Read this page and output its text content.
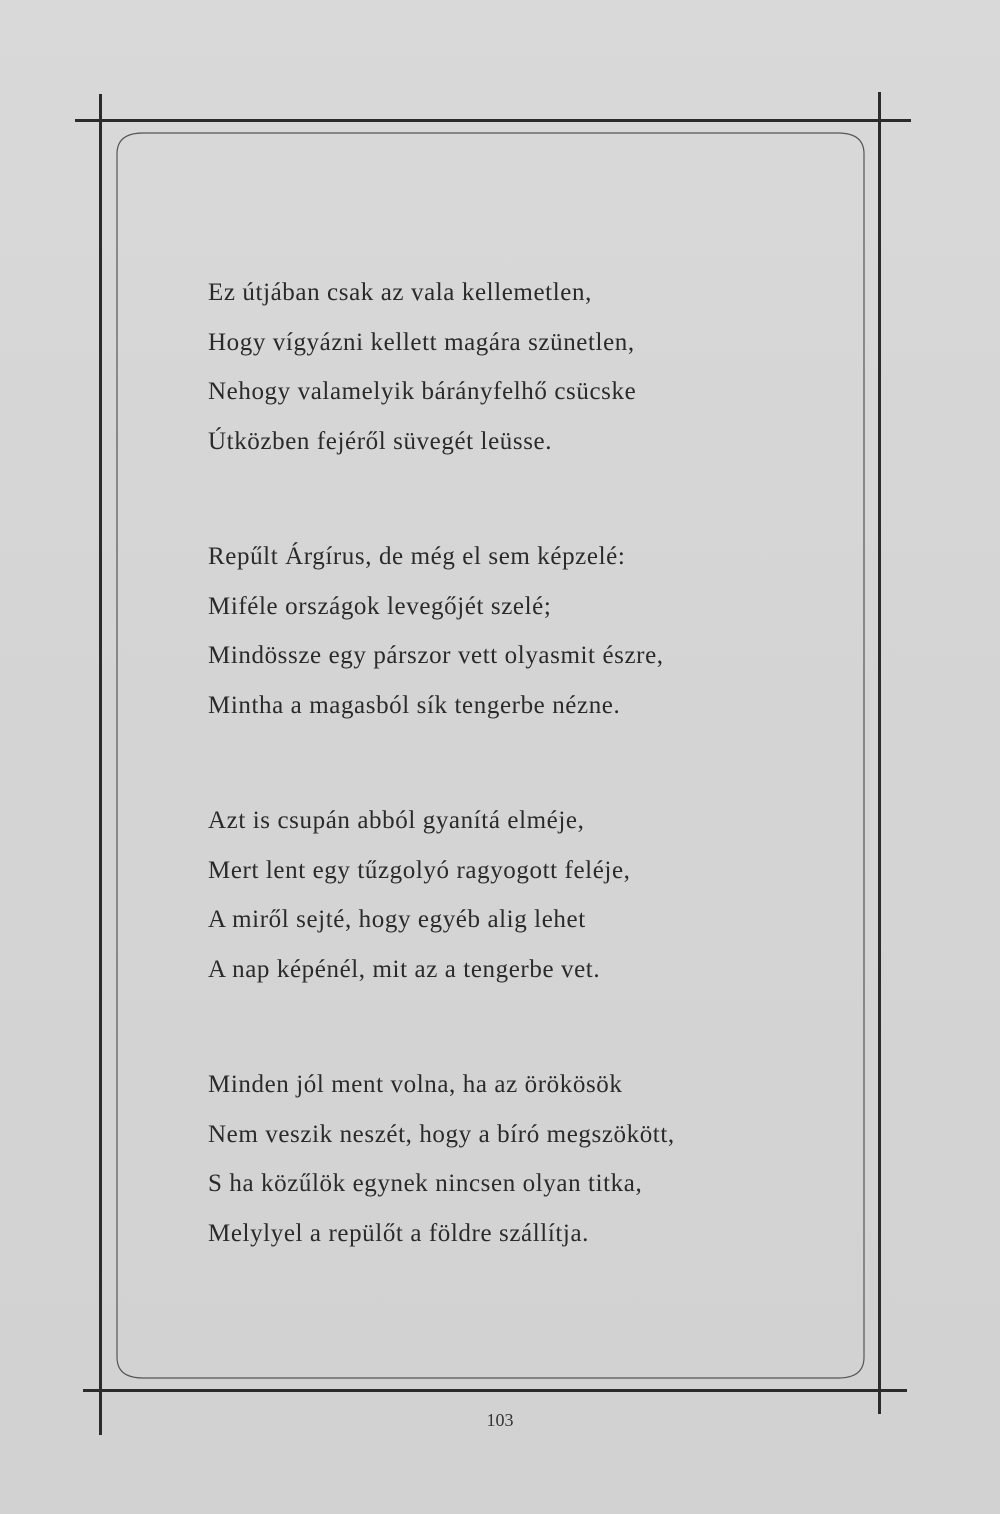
Ez útjában csak az vala kellemetlen,
Hogy vígyázni kellett magára szünetlen,
Nehogy valamelyik bárányfelhő csücske
Útközben fejéről süvegét leüsse.
Repűlt Árgírus, de még el sem képzelé:
Miféle országok levegőjét szelé;
Mindössze egy párszor vett olyasmit észre,
Mintha a magasból sík tengerbe nézne.
Azt is csupán abból gyanítá elméje,
Mert lent egy tűzgolyó ragyogott feléje,
A miről sejté, hogy egyéb alig lehet
A nap képénél, mit az a tengerbe vet.
Minden jól ment volna, ha az örökösök
Nem veszik neszét, hogy a bíró megszökött,
S ha közűlök egynek nincsen olyan titka,
Melylyel a repülőt a földre szállítja.
103
